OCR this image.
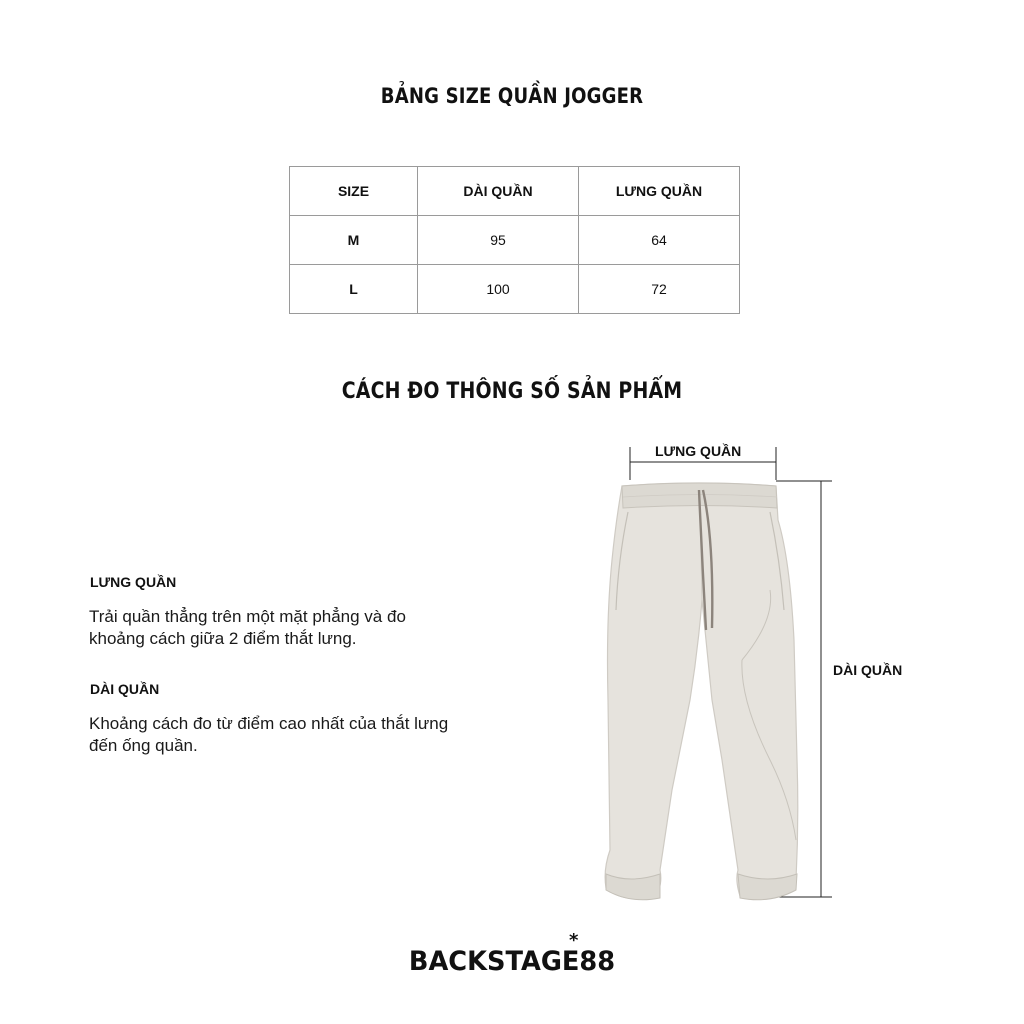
BẢNG SIZE QUẦN JOGGER
SIZE	DÀI QUẦN	LƯNG QUẦN
M	95	64
L	100	72
CÁCH ĐO THÔNG SỐ SẢN PHẨM
LƯNG QUẦN
Trải quần thẳng trên một mặt phẳng và đo khoảng cách giữa 2 điểm thắt lưng.
DÀI QUẦN
Khoảng cách đo từ điểm cao nhất của thắt lưng đến ống quần.
LƯNG QUẦN
DÀI QUẦN
*
BACKSTAGE88
